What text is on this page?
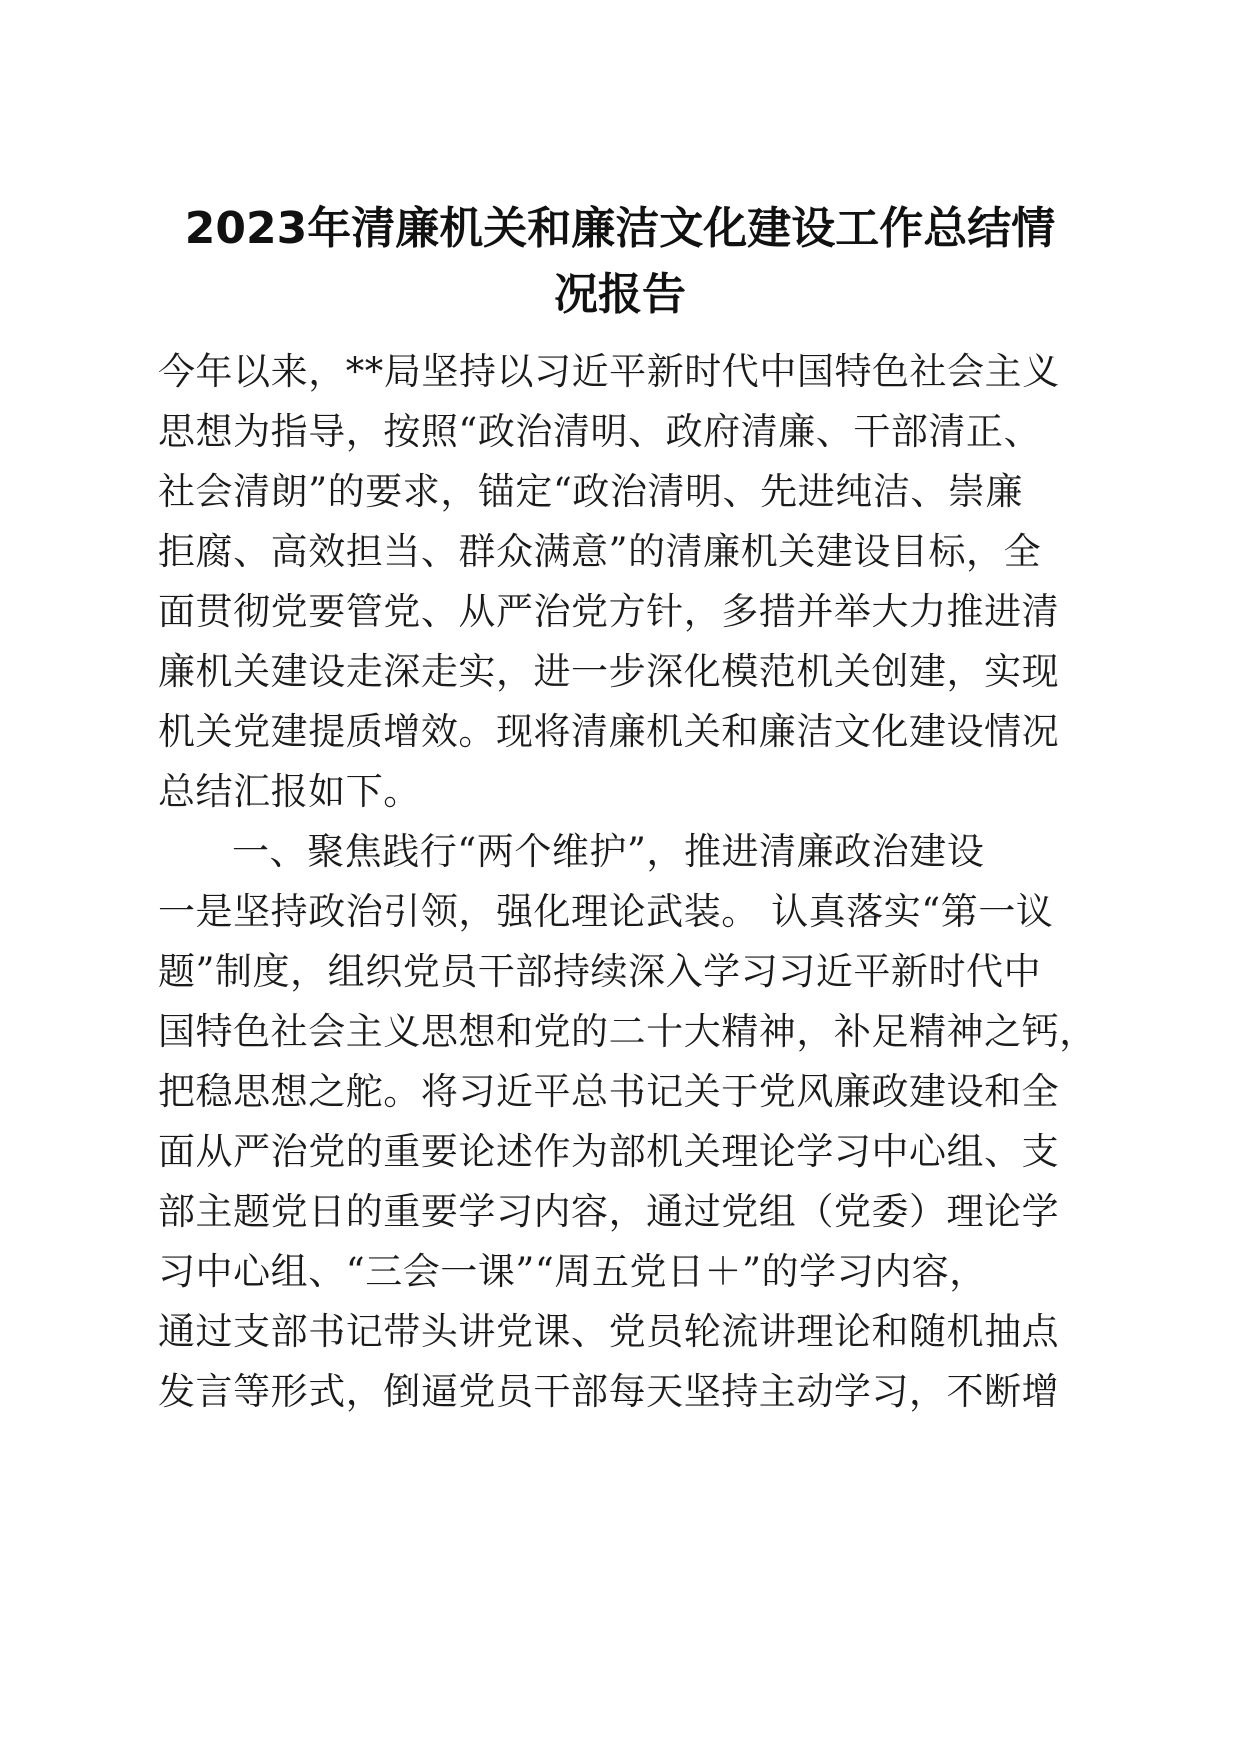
2023年清廉机关和廉洁文化建设工作总结情
况报告

今年以来，**局坚持以习近平新时代中国特色社会主义

思想为指导，按照“政治清明、政府清廉、干部清正、

社会清朗”的要求，锚定“政治清明、先进纯洁、崇廉

拒腐、高效担当、群众满意”的清廉机关建设目标，全

面贯彻党要管党、从严治党方针，多措并举大力推进清

廉机关建设走深走实，进一步深化模范机关创建，实现

机关党建提质增效。现将清廉机关和廉洁文化建设情况

总结汇报如下。

一、聚焦践行“两个维护”，推进清廉政治建设

一是坚持政治引领，强化理论武装。 认真落实“第一议

题”制度，组织党员干部持续深入学习习近平新时代中

国特色社会主义思想和党的二十大精神，补足精神之钙，

把稳思想之舵。将习近平总书记关于党风廉政建设和全

面从严治党的重要论述作为部机关理论学习中心组、支

部主题党日的重要学习内容，通过党组（党委）理论学

习中心组、“三会一课”“周五党日＋”的学习内容，

通过支部书记带头讲党课、党员轮流讲理论和随机抽点

发言等形式，倒逼党员干部每天坚持主动学习，不断增
